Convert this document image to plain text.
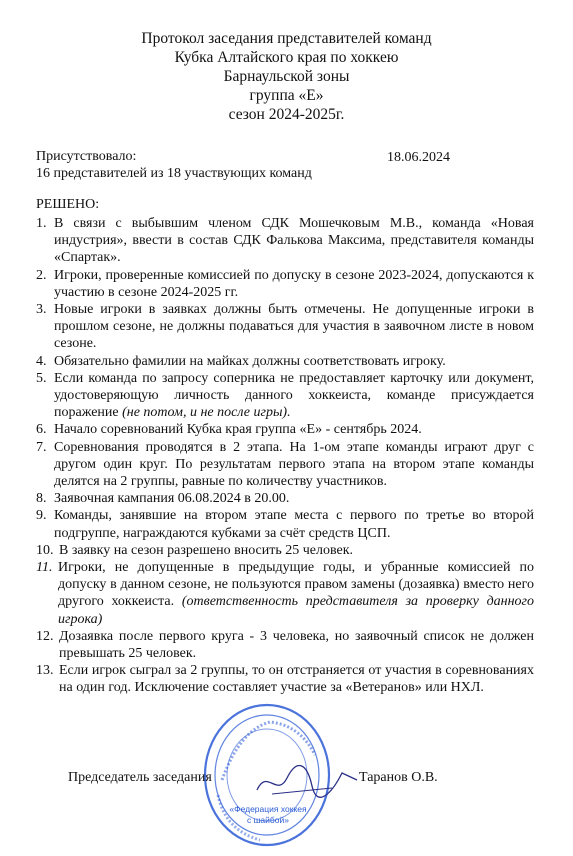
Протокол заседания представителей команд
Кубка Алтайского края по хоккею
Барнаульской зоны
группа «Е»
сезон 2024-2025г.
Присутствовало:
16 представителей из 18 участвующих команд
18.06.2024
РЕШЕНО:
1. В связи с выбывшим членом СДК Мошечковым М.В., команда «Новая индустрия», ввести в состав СДК Фалькова Максима, представителя команды «Спартак».
2. Игроки, проверенные комиссией по допуску в сезоне 2023-2024, допускаются к участию в сезоне 2024-2025 гг.
3. Новые игроки в заявках должны быть отмечены. Не допущенные игроки в прошлом сезоне, не должны подаваться для участия в заявочном листе в новом сезоне.
4. Обязательно фамилии на майках должны соответствовать игроку.
5. Если команда по запросу соперника не предоставляет карточку или документ, удостоверяющую личность данного хоккеиста, команде присуждается поражение (не потом, и не после игры).
6. Начало соревнований Кубка края группа «Е» - сентябрь 2024.
7. Соревнования проводятся в 2 этапа. На 1-ом этапе команды играют друг с другом один круг. По результатам первого этапа на втором этапе команды делятся на 2 группы, равные по количеству участников.
8. Заявочная кампания 06.08.2024 в 20.00.
9. Команды, занявшие на втором этапе места с первого по третье во второй подгруппе, награждаются кубками за счёт средств ЦСП.
10. В заявку на сезон разрешено вносить 25 человек.
11. Игроки, не допущенные в предыдущие годы, и убранные комиссией по допуску в данном сезоне, не пользуются правом замены (дозаявка) вместо него другого хоккеиста. (ответственность представителя за проверку данного игрока)
12. Дозаявка после первого круга - 3 человека, но заявочный список не должен превышать 25 человек.
13. Если игрок сыграл за 2 группы, то он отстраняется от участия в соревнованиях на один год. Исключение составляет участие за «Ветеранов» или НХЛ.
«Федерация хоккея
с шайбой»
Председатель заседания	Таранов О.В.
